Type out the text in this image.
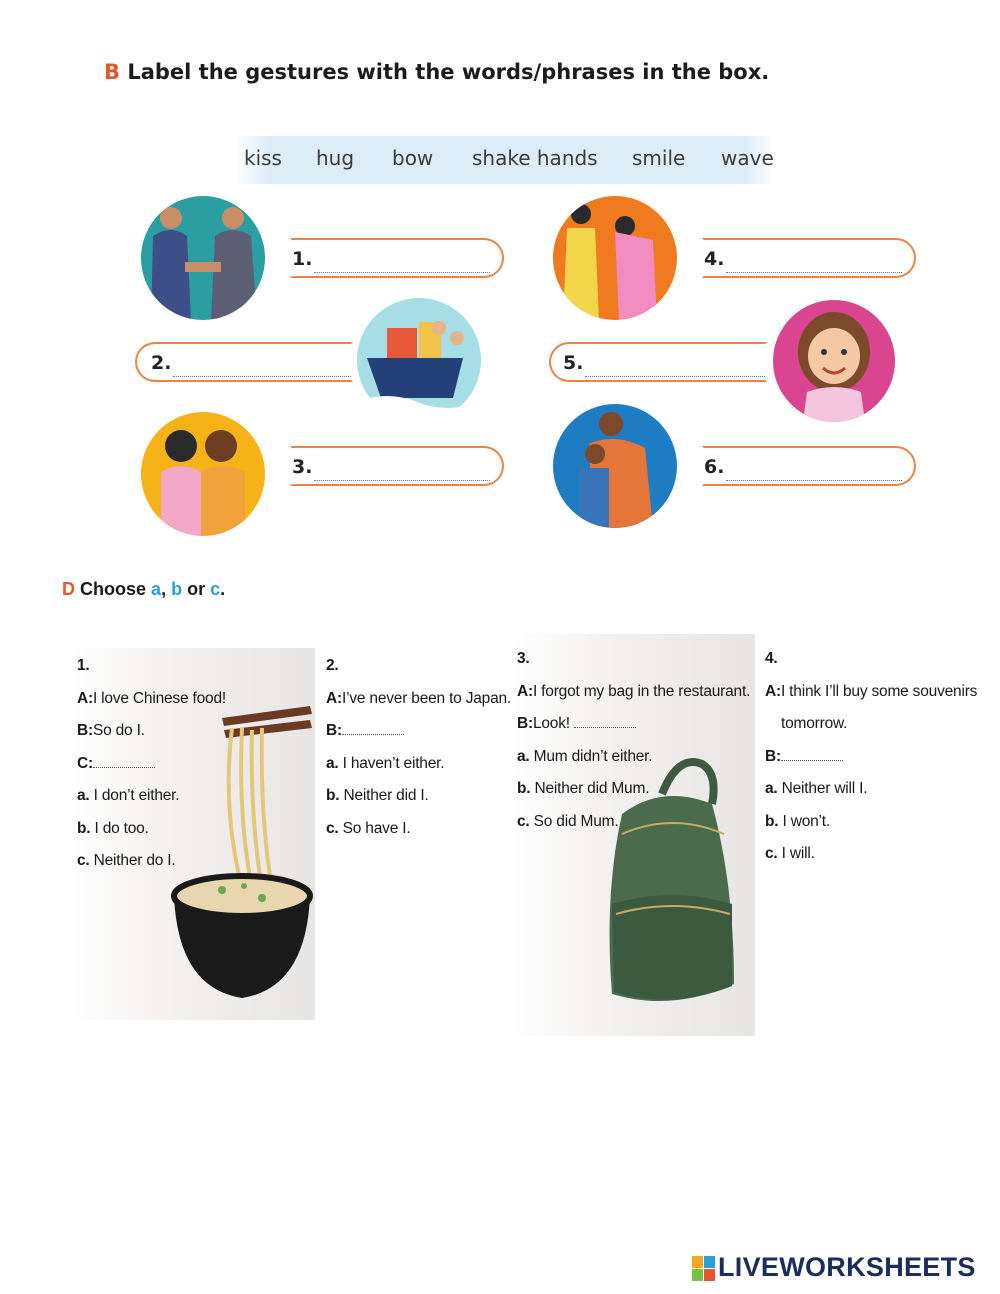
B Label the gestures with the words/phrases in the box.
kiss hug bow shake hands smile wave
1.
2.
3.
4.
5.
6.
D Choose a, b or c.
1.
A:I love Chinese food!
B:So do I.
C:
a. I don’t either.
b. I do too.
c. Neither do I.
2.
A:I’ve never been to Japan.
B:
a. I haven’t either.
b. Neither did I.
c. So have I.
3.
A:I forgot my bag in the restaurant.
B:Look!
a. Mum didn’t either.
b. Neither did Mum.
c. So did Mum.
4.
A:I think I’ll buy some souvenirs
tomorrow.
B:
a. Neither will I.
b. I won’t.
c. I will.
LIVEWORKSHEETS
